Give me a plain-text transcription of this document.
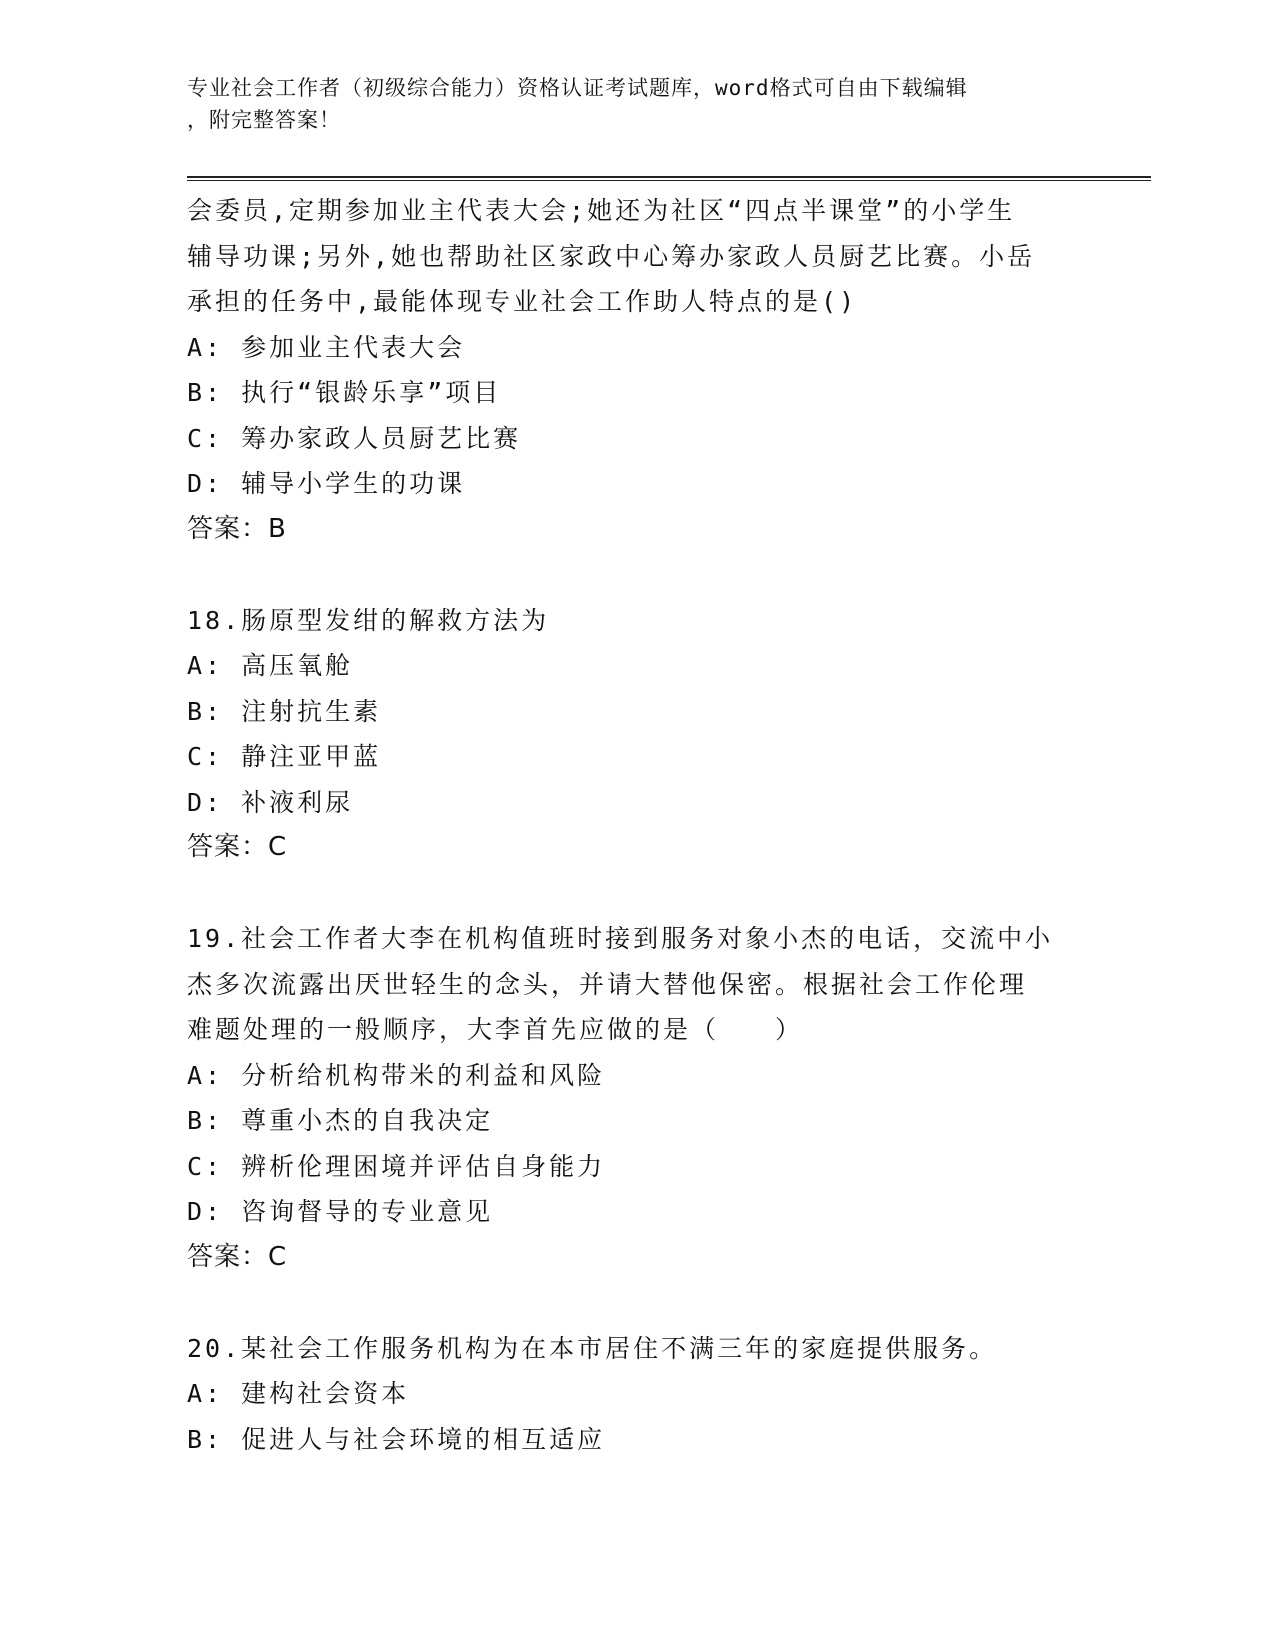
专业社会工作者（初级综合能力）资格认证考试题库，word格式可自由下载编辑
，附完整答案！
会委员,定期参加业主代表大会;她还为社区“四点半课堂”的小学生
辅导功课;另外,她也帮助社区家政中心筹办家政人员厨艺比赛。小岳
承担的任务中,最能体现专业社会工作助人特点的是()
A: 参加业主代表大会
B: 执行“银龄乐享”项目
C: 筹办家政人员厨艺比赛
D: 辅导小学生的功课
答案：B
18.肠原型发绀的解救方法为
A: 高压氧舱
B: 注射抗生素
C: 静注亚甲蓝
D: 补液利尿
答案：C
19.社会工作者大李在机构值班时接到服务对象小杰的电话，交流中小
杰多次流露出厌世轻生的念头，并请大替他保密。根据社会工作伦理
难题处理的一般顺序，大李首先应做的是（　　）
A: 分析给机构带米的利益和风险
B: 尊重小杰的自我决定
C: 辨析伦理困境并评估自身能力
D: 咨询督导的专业意见
答案：C
20.某社会工作服务机构为在本市居住不满三年的家庭提供服务。
A: 建构社会资本
B: 促进人与社会环境的相互适应
